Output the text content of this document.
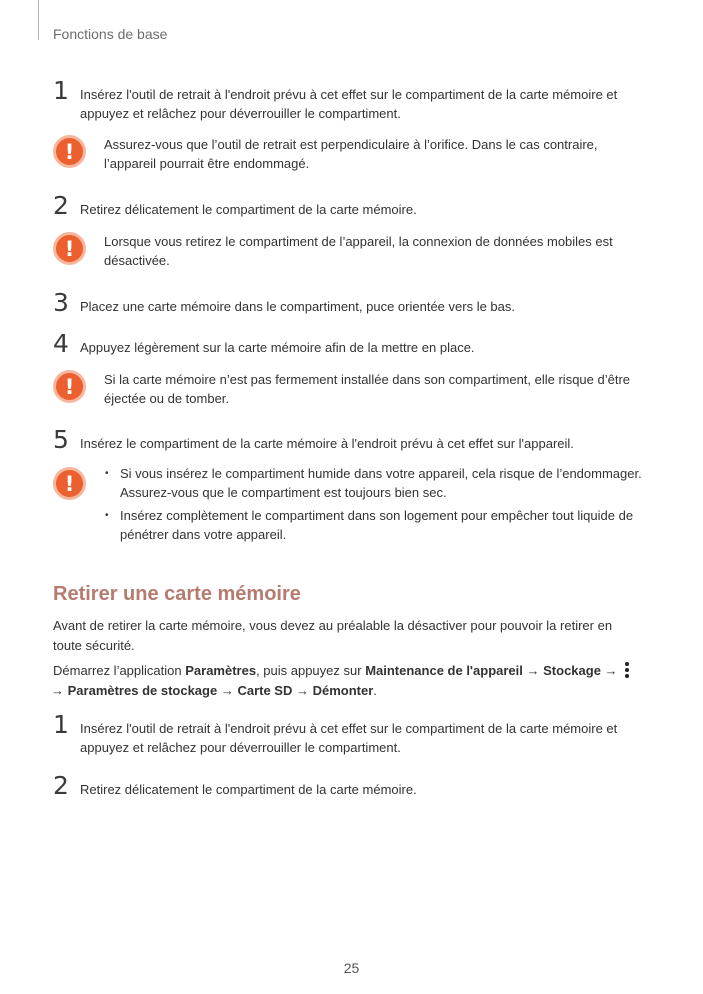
Fonctions de base
1 Insérez l'outil de retrait à l'endroit prévu à cet effet sur le compartiment de la carte mémoire et appuyez et relâchez pour déverrouiller le compartiment.
!
Assurez-vous que l’outil de retrait est perpendiculaire à l’orifice. Dans le cas contraire, l’appareil pourrait être endommagé.
2 Retirez délicatement le compartiment de la carte mémoire.
!
Lorsque vous retirez le compartiment de l’appareil, la connexion de données mobiles est désactivée.
3 Placez une carte mémoire dans le compartiment, puce orientée vers le bas.
4 Appuyez légèrement sur la carte mémoire afin de la mettre en place.
!
Si la carte mémoire n’est pas fermement installée dans son compartiment, elle risque d’être éjectée ou de tomber.
5 Insérez le compartiment de la carte mémoire à l'endroit prévu à cet effet sur l'appareil.
!
• Si vous insérez le compartiment humide dans votre appareil, cela risque de l’endommager. Assurez-vous que le compartiment est toujours bien sec.
• Insérez complètement le compartiment dans son logement pour empêcher tout liquide de pénétrer dans votre appareil.
Retirer une carte mémoire
Avant de retirer la carte mémoire, vous devez au préalable la désactiver pour pouvoir la retirer en toute sécurité.
Démarrez l’application Paramètres, puis appuyez sur Maintenance de l'appareil → Stockage →

→ Paramètres de stockage → Carte SD → Démonter.
1 Insérez l'outil de retrait à l'endroit prévu à cet effet sur le compartiment de la carte mémoire et appuyez et relâchez pour déverrouiller le compartiment.
2 Retirez délicatement le compartiment de la carte mémoire.
25
